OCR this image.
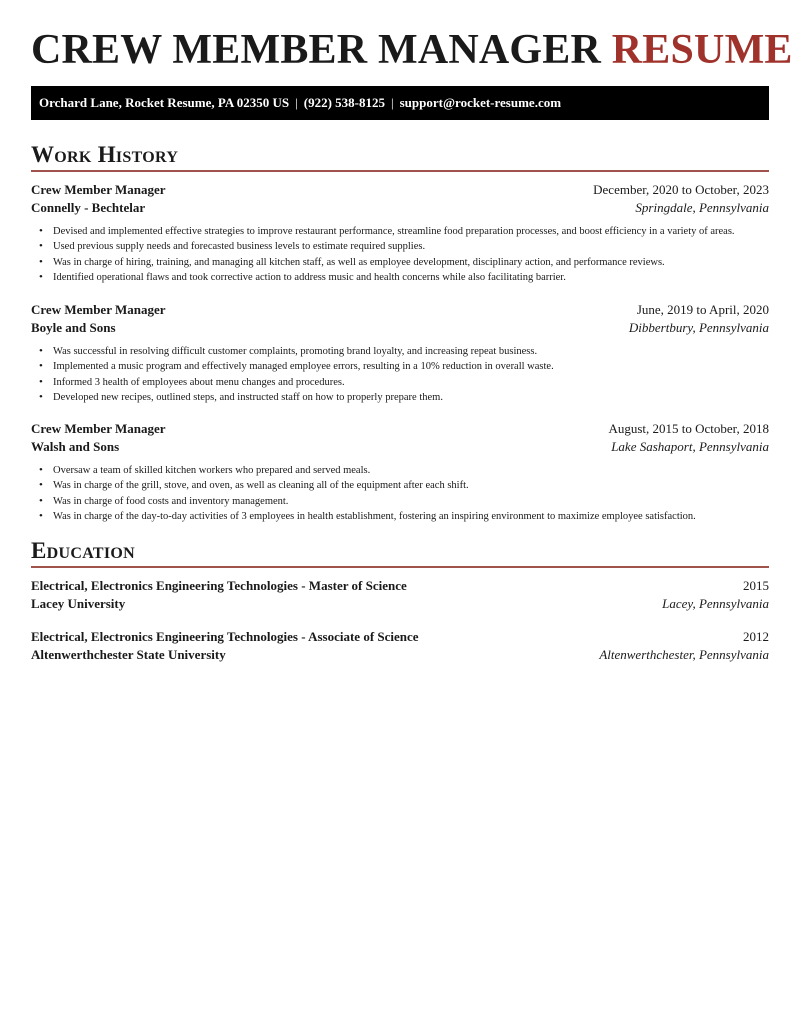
CREW MEMBER MANAGER RESUME
Orchard Lane, Rocket Resume, PA 02350 US | (922) 538-8125 | support@rocket-resume.com
Work History
Crew Member Manager	December, 2020 to October, 2023
Connelly - Bechtelar	Springdale, Pennsylvania
• Devised and implemented effective strategies to improve restaurant performance, streamline food preparation processes, and boost efficiency in a variety of areas.
• Used previous supply needs and forecasted business levels to estimate required supplies.
• Was in charge of hiring, training, and managing all kitchen staff, as well as employee development, disciplinary action, and performance reviews.
• Identified operational flaws and took corrective action to address music and health concerns while also facilitating barrier.
Crew Member Manager	June, 2019 to April, 2020
Boyle and Sons	Dibbertbury, Pennsylvania
• Was successful in resolving difficult customer complaints, promoting brand loyalty, and increasing repeat business.
• Implemented a music program and effectively managed employee errors, resulting in a 10% reduction in overall waste.
• Informed 3 health of employees about menu changes and procedures.
• Developed new recipes, outlined steps, and instructed staff on how to properly prepare them.
Crew Member Manager	August, 2015 to October, 2018
Walsh and Sons	Lake Sashaport, Pennsylvania
• Oversaw a team of skilled kitchen workers who prepared and served meals.
• Was in charge of the grill, stove, and oven, as well as cleaning all of the equipment after each shift.
• Was in charge of food costs and inventory management.
• Was in charge of the day-to-day activities of 3 employees in health establishment, fostering an inspiring environment to maximize employee satisfaction.
Education
Electrical, Electronics Engineering Technologies - Master of Science	2015
Lacey University	Lacey, Pennsylvania
Electrical, Electronics Engineering Technologies - Associate of Science	2012
Altenwerthchester State University	Altenwerthchester, Pennsylvania
